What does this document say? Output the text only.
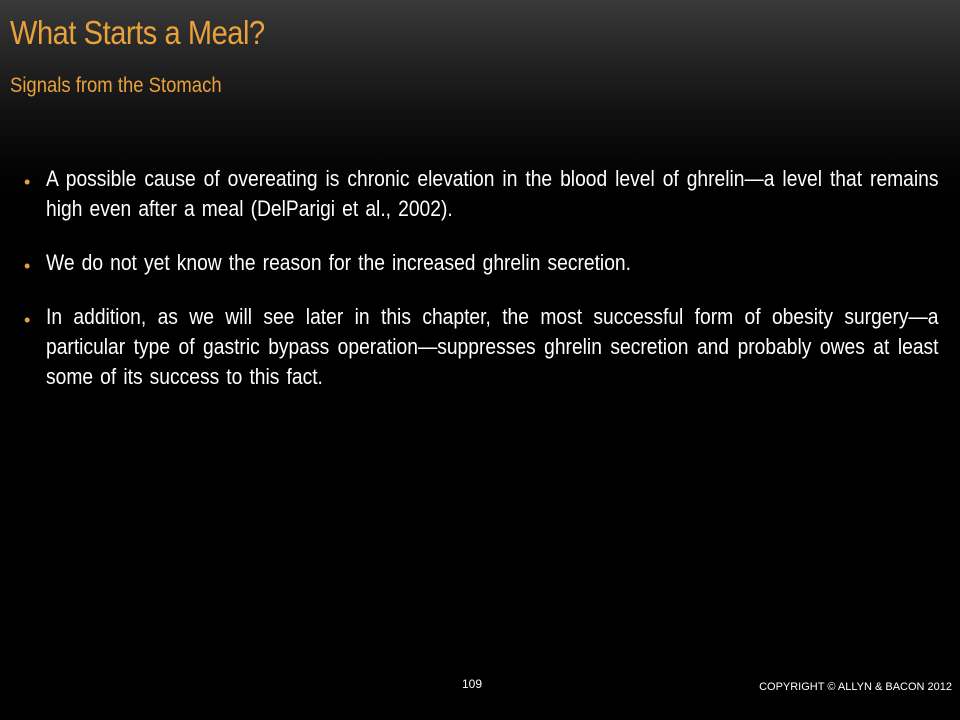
What Starts a Meal?
Signals from the Stomach
• A possible cause of overeating is chronic elevation in the blood level of ghrelin—a level that remains high even after a meal (DelParigi et al., 2002).
• We do not yet know the reason for the increased ghrelin secretion.
• In addition, as we will see later in this chapter, the most successful form of obesity surgery—a particular type of gastric bypass operation—suppresses ghrelin secretion and probably owes at least some of its success to this fact.
109	COPYRIGHT © ALLYN & BACON 2012
